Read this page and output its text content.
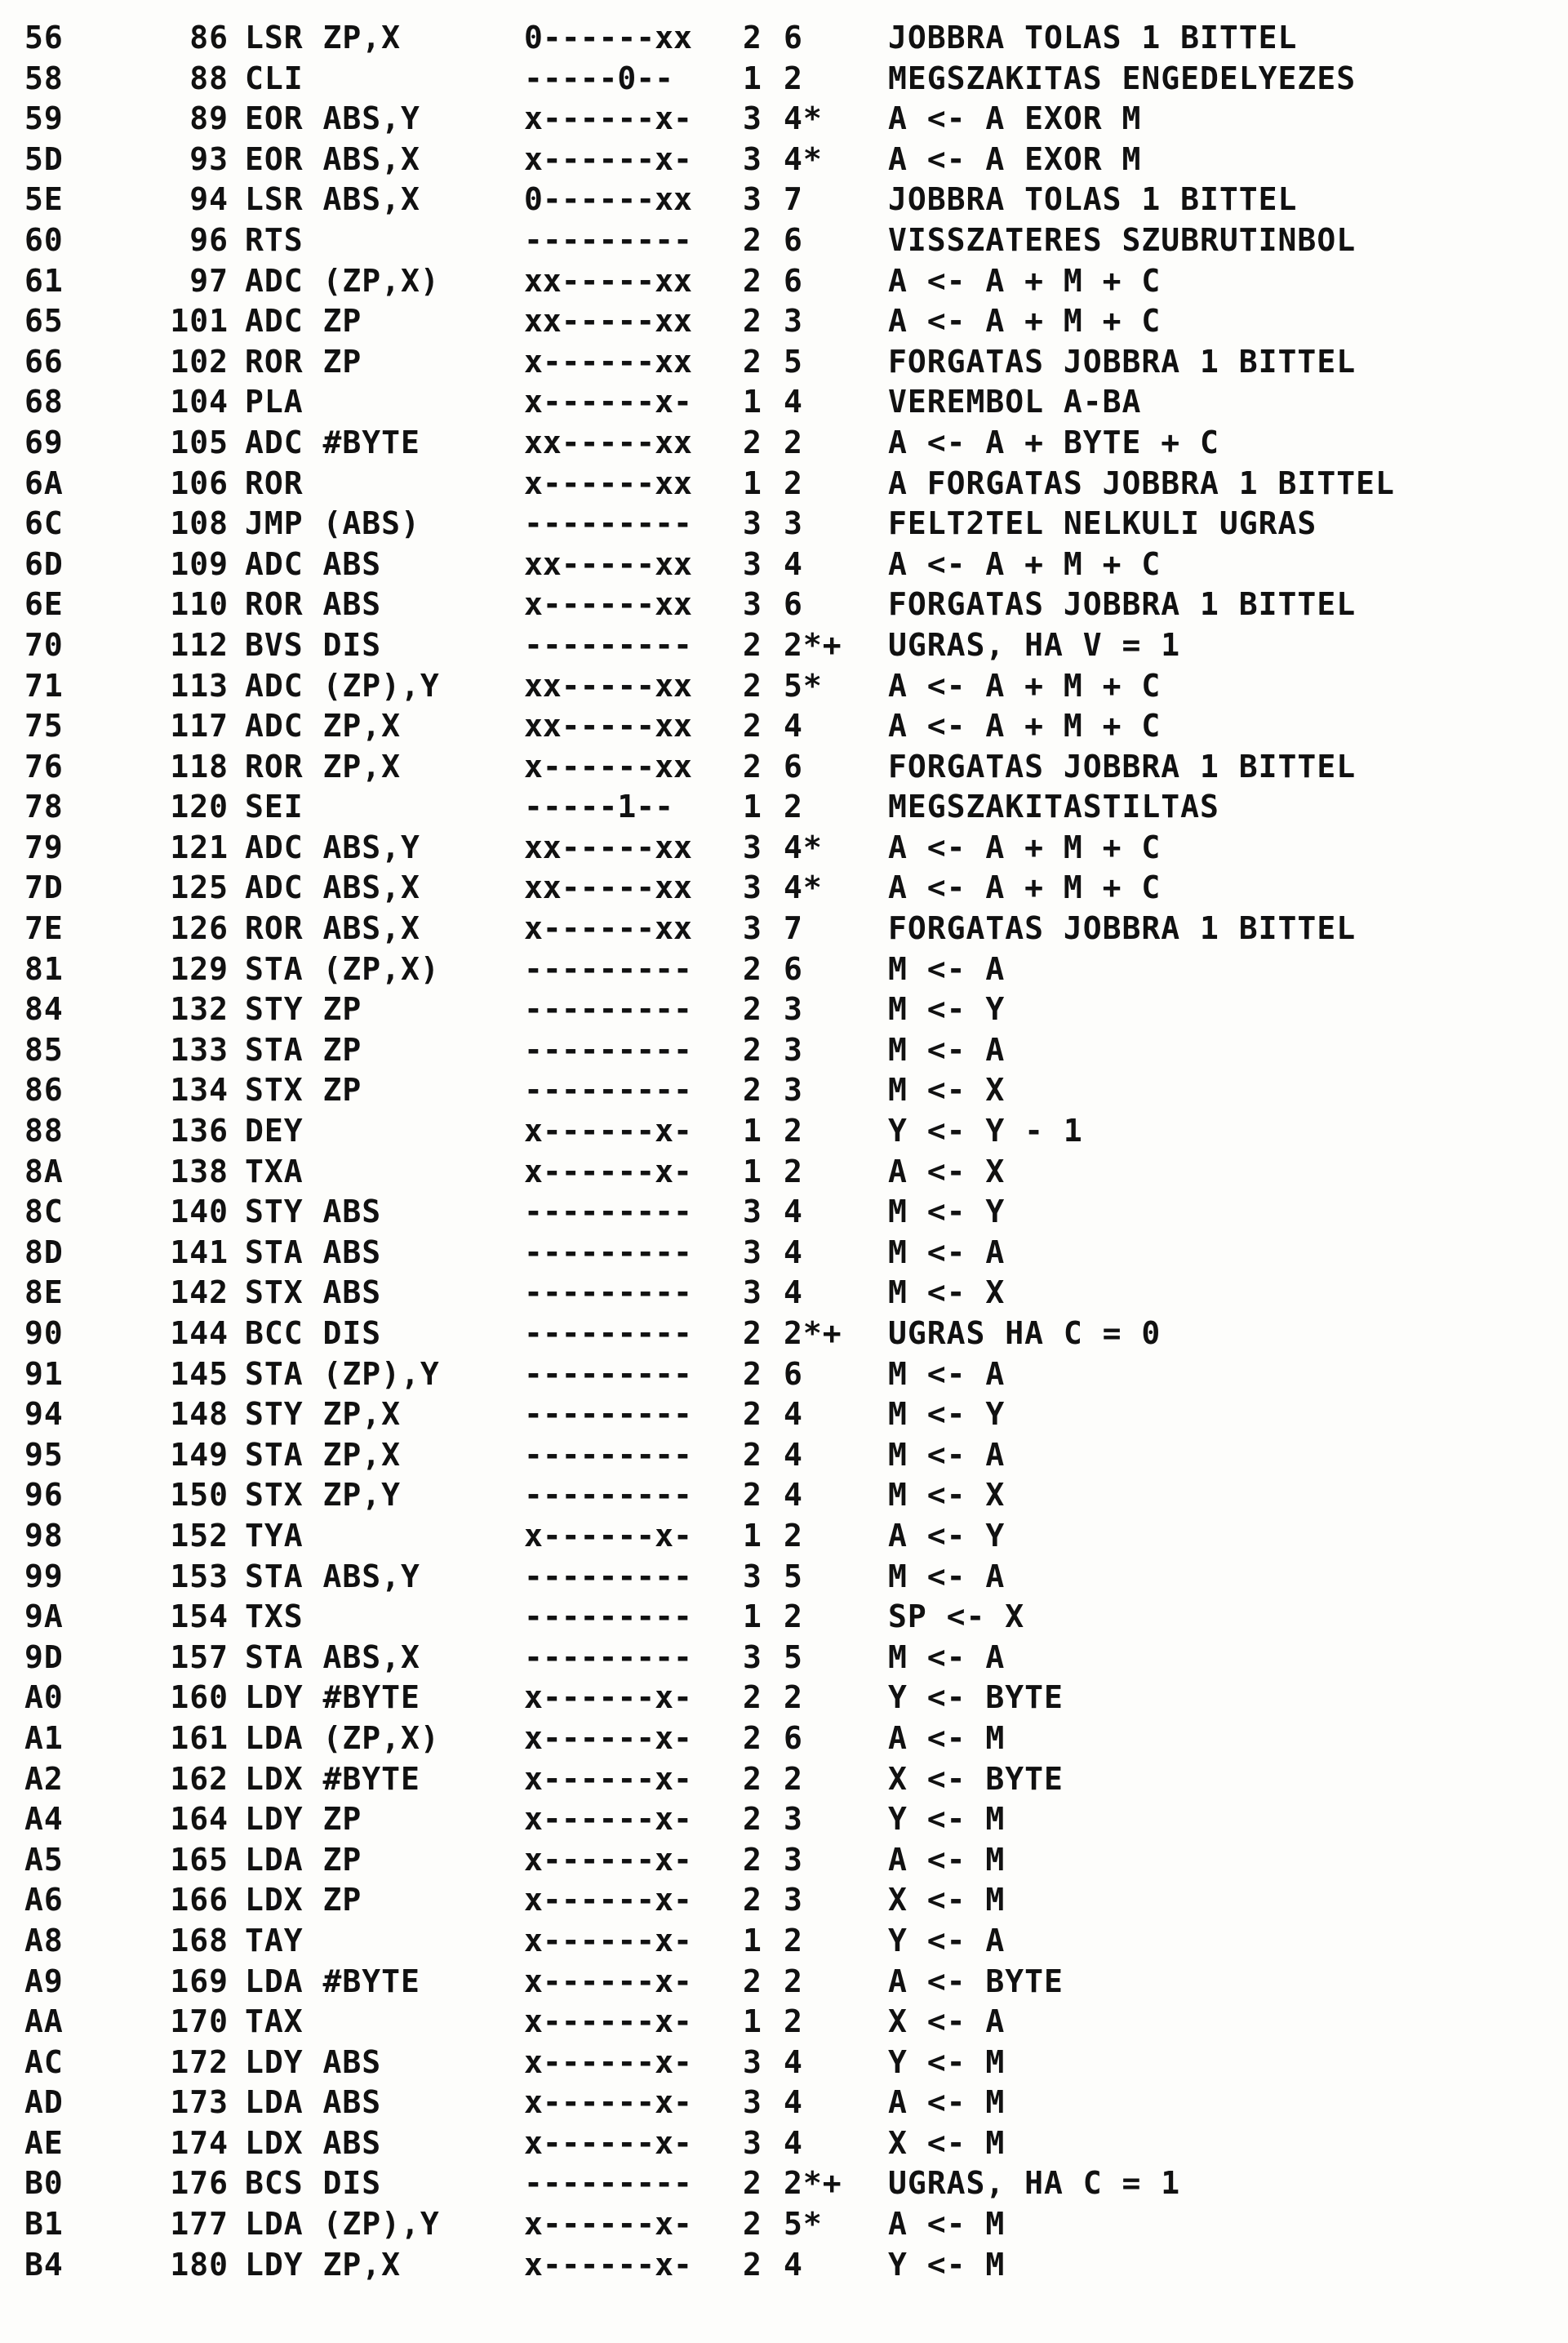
56	86 LSR ZP,X	0------xx 2 6	JOBBRA TOLAS 1 BITTEL
58	88 CLI	-----0-- 1 2	MEGSZAKITAS ENGEDELYEZES
59	89 EOR ABS,Y	x------x- 3 4* A <- A EXOR M
5D	93 EOR ABS,X	x------x- 3 4* A <- A EXOR M
5E	94 LSR ABS,X	0------xx 3 7	JOBBRA TOLAS 1 BITTEL
60	96 RTS	--------- 2 6	VISSZATERES SZUBRUTINBOL
61	97 ADC (ZP,X)	xx-----xx 2 6	A <- A + M + C
65	101 ADC ZP	xx-----xx 2 3	A <- A + M + C
66	102 ROR ZP	x------xx 2 5	FORGATAS JOBBRA 1 BITTEL
68	104 PLA	x------x- 1 4	VEREMBOL A-BA
69	105 ADC #BYTE	xx-----xx 2 2	A <- A + BYTE + C
6A	106 ROR	x------xx 1 2	A FORGATAS JOBBRA 1 BITTEL
6C	108 JMP (ABS)	--------- 3 3	FELT2TEL NELKULI UGRAS
6D	109 ADC ABS	xx-----xx 3 4	A <- A + M + C
6E	110 ROR ABS	x------xx 3 6	FORGATAS JOBBRA 1 BITTEL
70	112 BVS DIS	--------- 2 2*+ UGRAS, HA V = 1
71	113 ADC (ZP),Y	xx-----xx 2 5* A <- A + M + C
75	117 ADC ZP,X	xx-----xx 2 4	A <- A + M + C
76	118 ROR ZP,X	x------xx 2 6	FORGATAS JOBBRA 1 BITTEL
78	120 SEI	-----1-- 1 2	MEGSZAKITASTILTAS
79	121 ADC ABS,Y	xx-----xx 3 4* A <- A + M + C
7D	125 ADC ABS,X	xx-----xx 3 4* A <- A + M + C
7E	126 ROR ABS,X	x------xx 3 7	FORGATAS JOBBRA 1 BITTEL
81	129 STA (ZP,X)	--------- 2 6	M <- A
84	132 STY ZP	--------- 2 3	M <- Y
85	133 STA ZP	--------- 2 3	M <- A
86	134 STX ZP	--------- 2 3	M <- X
88	136 DEY	x------x- 1 2	Y <- Y - 1
8A	138 TXA	x------x- 1 2	A <- X
8C	140 STY ABS	--------- 3 4	M <- Y
8D	141 STA ABS	--------- 3 4	M <- A
8E	142 STX ABS	--------- 3 4	M <- X
90	144 BCC DIS	--------- 2 2*+ UGRAS HA C = 0
91	145 STA (ZP),Y	--------- 2 6	M <- A
94	148 STY ZP,X	--------- 2 4	M <- Y
95	149 STA ZP,X	--------- 2 4	M <- A
96	150 STX ZP,Y	--------- 2 4	M <- X
98	152 TYA	x------x- 1 2	A <- Y
99	153 STA ABS,Y	--------- 3 5	M <- A
9A	154 TXS	--------- 1 2	SP <- X
9D	157 STA ABS,X	--------- 3 5	M <- A
A0	160 LDY #BYTE	x------x- 2 2	Y <- BYTE
A1	161 LDA (ZP,X)	x------x- 2 6	A <- M
A2	162 LDX #BYTE	x------x- 2 2	X <- BYTE
A4	164 LDY ZP	x------x- 2 3	Y <- M
A5	165 LDA ZP	x------x- 2 3	A <- M
A6	166 LDX ZP	x------x- 2 3	X <- M
A8	168 TAY	x------x- 1 2	Y <- A
A9	169 LDA #BYTE	x------x- 2 2	A <- BYTE
AA	170 TAX	x------x- 1 2	X <- A
AC	172 LDY ABS	x------x- 3 4	Y <- M
AD	173 LDA ABS	x------x- 3 4	A <- M
AE	174 LDX ABS	x------x- 3 4	X <- M
B0	176 BCS DIS	--------- 2 2*+ UGRAS, HA C = 1
B1	177 LDA (ZP),Y	x------x- 2 5* A <- M
B4	180 LDY ZP,X	x------x- 2 4	Y <- M
